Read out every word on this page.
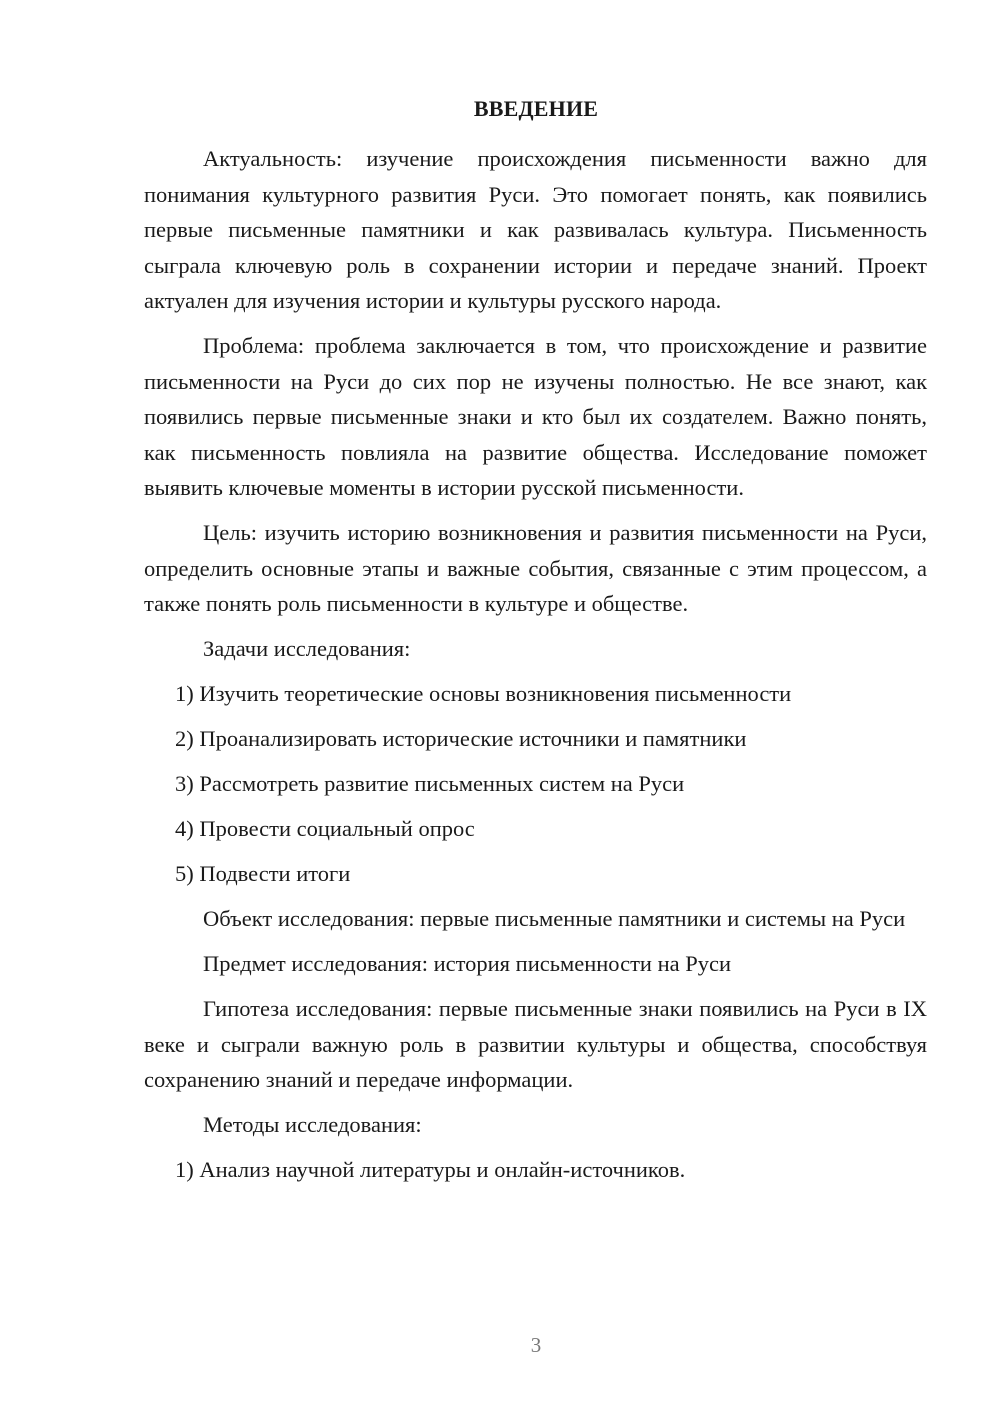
ВВЕДЕНИЕ

Актуальность: изучение происхождения письменности важно для понимания культурного развития Руси. Это помогает понять, как появились первые письменные памятники и как развивалась культура. Письменность сыграла ключевую роль в сохранении истории и передаче знаний. Проект актуален для изучения истории и культуры русского народа.

Проблема: проблема заключается в том, что происхождение и развитие письменности на Руси до сих пор не изучены полностью. Не все знают, как появились первые письменные знаки и кто был их создателем. Важно понять, как письменность повлияла на развитие общества. Исследование поможет выявить ключевые моменты в истории русской письменности.

Цель: изучить историю возникновения и развития письменности на Руси, определить основные этапы и важные события, связанные с этим процессом, а также понять роль письменности в культуре и обществе.

Задачи исследования:

1) Изучить теоретические основы возникновения письменности

2) Проанализировать исторические источники и памятники

3) Рассмотреть развитие письменных систем на Руси

4) Провести социальный опрос

5) Подвести итоги

Объект исследования: первые письменные памятники и системы на Руси

Предмет исследования: история письменности на Руси

Гипотеза исследования: первые письменные знаки появились на Руси в IX веке и сыграли важную роль в развитии культуры и общества, способствуя сохранению знаний и передаче информации.

Методы исследования:

1) Анализ научной литературы и онлайн-источников.

3
